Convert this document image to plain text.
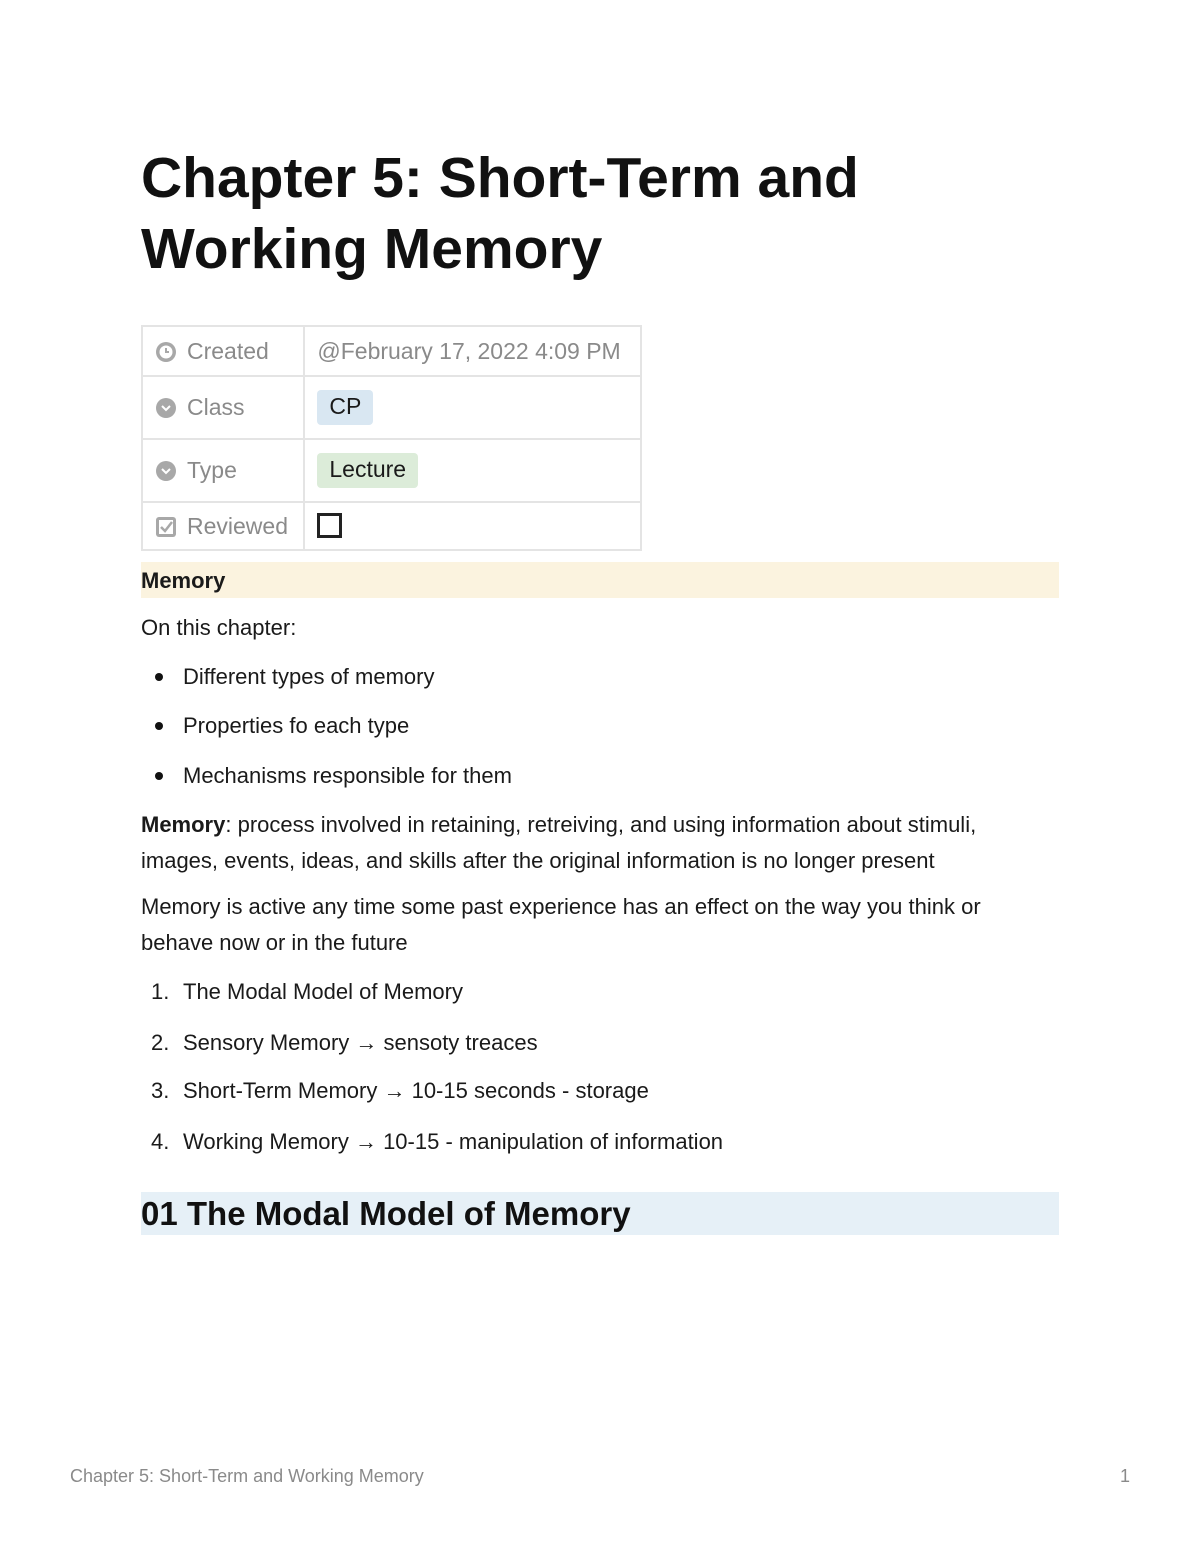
Chapter 5: Short-Term and
Working Memory
Created	@February 17, 2022 4:09 PM
Class	CP
Type	Lecture
Reviewed	
Memory
On this chapter:
Different types of memory
Properties fo each type
Mechanisms responsible for them
Memory: process involved in retaining, retreiving, and using information about stimuli,
images, events, ideas, and skills after the original information is no longer present
Memory is active any time some past experience has an effect on the way you think or
behave now or in the future
1. The Modal Model of Memory
2. Sensory Memory → sensoty treaces
3. Short-Term Memory → 10-15 seconds - storage
4. Working Memory → 10-15 - manipulation of information
01 The Modal Model of Memory
Chapter 5: Short-Term and Working Memory	1
